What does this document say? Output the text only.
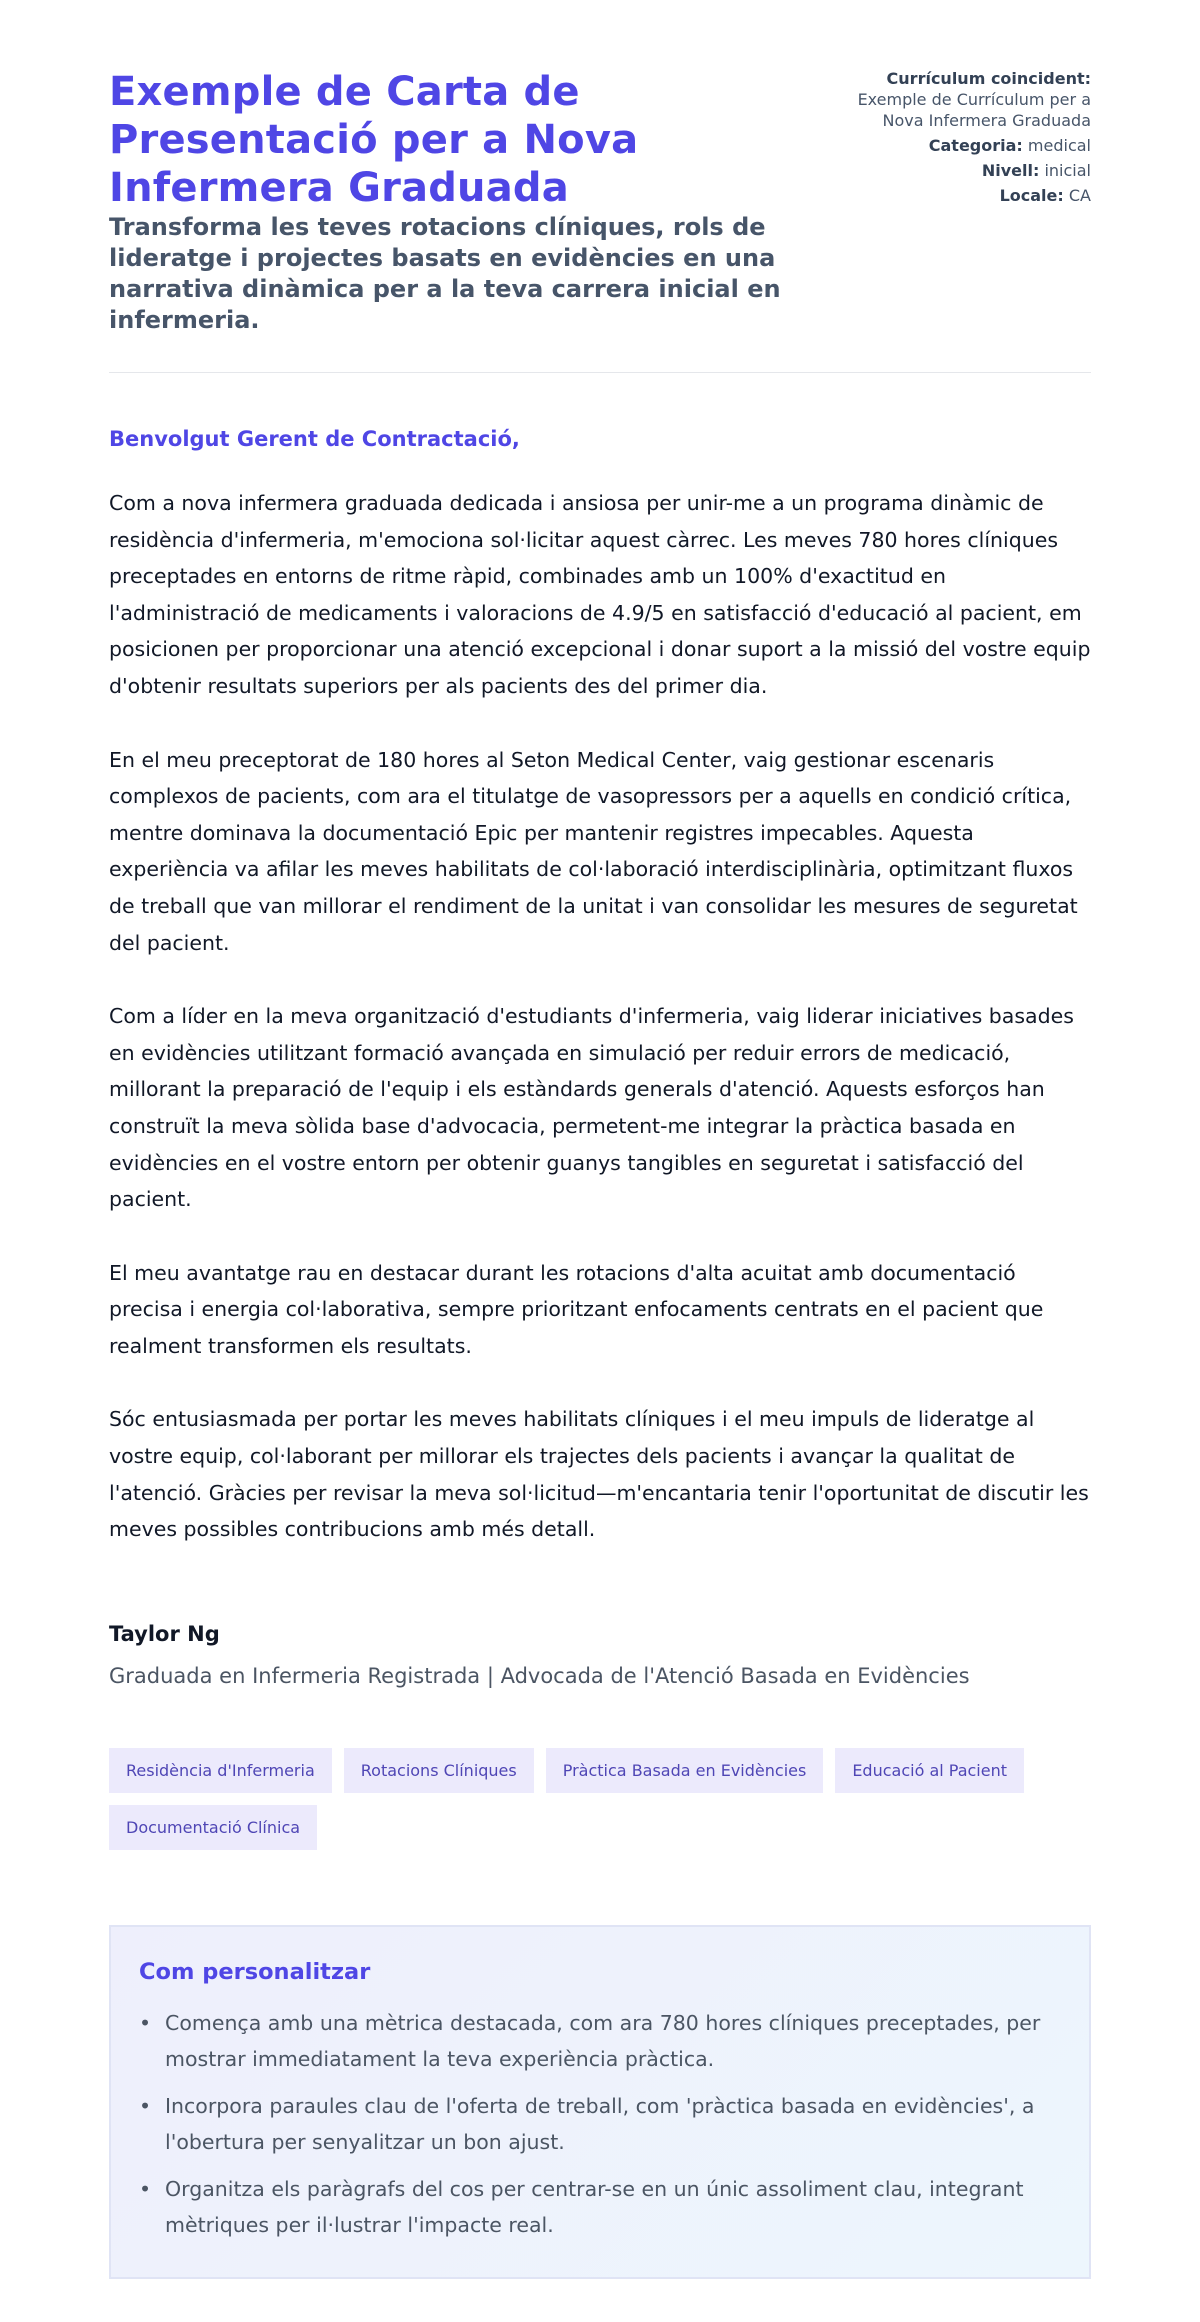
Exemple de Carta de Presentació per a Nova Infermera Graduada
Transforma les teves rotacions clíniques, rols de lideratge i projectes basats en evidències en una narrativa dinàmica per a la teva carrera inicial en infermeria.
Currículum coincident: Exemple de Currículum per a Nova Infermera Graduada
Categoria: medical
Nivell: inicial
Locale: CA

Benvolgut Gerent de Contractació,

Com a nova infermera graduada dedicada i ansiosa per unir-me a un programa dinàmic de residència d'infermeria, m'emociona sol·licitar aquest càrrec. Les meves 780 hores clíniques preceptades en entorns de ritme ràpid, combinades amb un 100% d'exactitud en l'administració de medicaments i valoracions de 4.9/5 en satisfacció d'educació al pacient, em posicionen per proporcionar una atenció excepcional i donar suport a la missió del vostre equip d'obtenir resultats superiors per als pacients des del primer dia.

En el meu preceptorat de 180 hores al Seton Medical Center, vaig gestionar escenaris complexos de pacients, com ara el titulatge de vasopressors per a aquells en condició crítica, mentre dominava la documentació Epic per mantenir registres impecables. Aquesta experiència va afilar les meves habilitats de col·laboració interdisciplinària, optimitzant fluxos de treball que van millorar el rendiment de la unitat i van consolidar les mesures de seguretat del pacient.

Com a líder en la meva organització d'estudiants d'infermeria, vaig liderar iniciatives basades en evidències utilitzant formació avançada en simulació per reduir errors de medicació, millorant la preparació de l'equip i els estàndards generals d'atenció. Aquests esforços han construït la meva sòlida base d'advocacia, permetent-me integrar la pràctica basada en evidències en el vostre entorn per obtenir guanys tangibles en seguretat i satisfacció del pacient.

El meu avantatge rau en destacar durant les rotacions d'alta acuitat amb documentació precisa i energia col·laborativa, sempre prioritzant enfocaments centrats en el pacient que realment transformen els resultats.

Sóc entusiasmada per portar les meves habilitats clíniques i el meu impuls de lideratge al vostre equip, col·laborant per millorar els trajectes dels pacients i avançar la qualitat de l'atenció. Gràcies per revisar la meva sol·licitud—m'encantaria tenir l'oportunitat de discutir les meves possibles contribucions amb més detall.

Taylor Ng
Graduada en Infermeria Registrada | Advocada de l'Atenció Basada en Evidències
Residència d'Infermeria	Rotacions Clíniques	Pràctica Basada en Evidències	Educació al Pacient
Documentació Clínica
Com personalitzar
• Comença amb una mètrica destacada, com ara 780 hores clíniques preceptades, per mostrar immediatament la teva experiència pràctica.
• Incorpora paraules clau de l'oferta de treball, com 'pràctica basada en evidències', a l'obertura per senyalitzar un bon ajust.
• Organitza els paràgrafs del cos per centrar-se en un únic assoliment clau, integrant mètriques per il·lustrar l'impacte real.
